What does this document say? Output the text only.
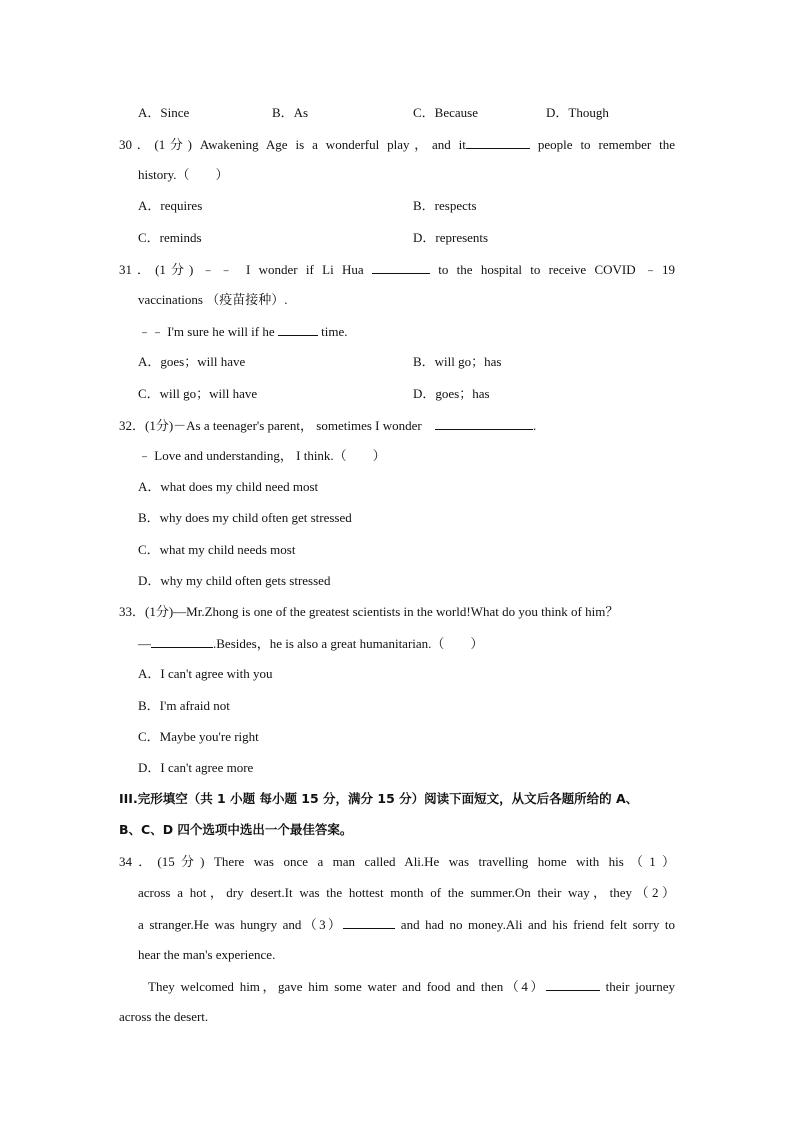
A．Since	B．As	C．Because	D．Though
30．(1分) Awakening Age is a wonderful play，and it	people to remember the
history.（　　）
A．requires	B．respects
C．reminds	D．represents
31．(1分) ﹣﹣ I wonder if Li Hua	to the hospital to receive COVID ﹣19
vaccinations （疫苗接种）.
﹣﹣ I'm sure he will if he	time.
A．goes；will have	B．will go；has
C．will go；will have	D．goes；has
32．(1分)－As a teenager's parent， sometimes I wonder	.
﹣ Love and understanding， I think.（　　）
A．what does my child need most
B．why does my child often get stressed
C．what my child needs most
D．why my child often gets stressed
33．(1分)—Mr.Zhong is one of the greatest scientists in the world!What do you think of him？
—	.Besides，he is also a great humanitarian.（　　）
A．I can't agree with you
B．I'm afraid not
C．Maybe you're right
D．I can't agree more
III.完形填空（共 1 小题 每小题 15 分，满分 15 分）阅读下面短文，从文后各题所给的 A、
B、C、D 四个选项中选出一个最佳答案。
34．(15分) There was once a man called Ali.He was travelling home with his（1）
across a hot，dry desert.It was the hottest month of the summer.On their way，they（2）
a stranger.He was hungry and（3）	and had no money.Ali and his friend felt sorry to
hear the man's experience.
They welcomed him，gave him some water and food and then（4）	their journey
across the desert.
